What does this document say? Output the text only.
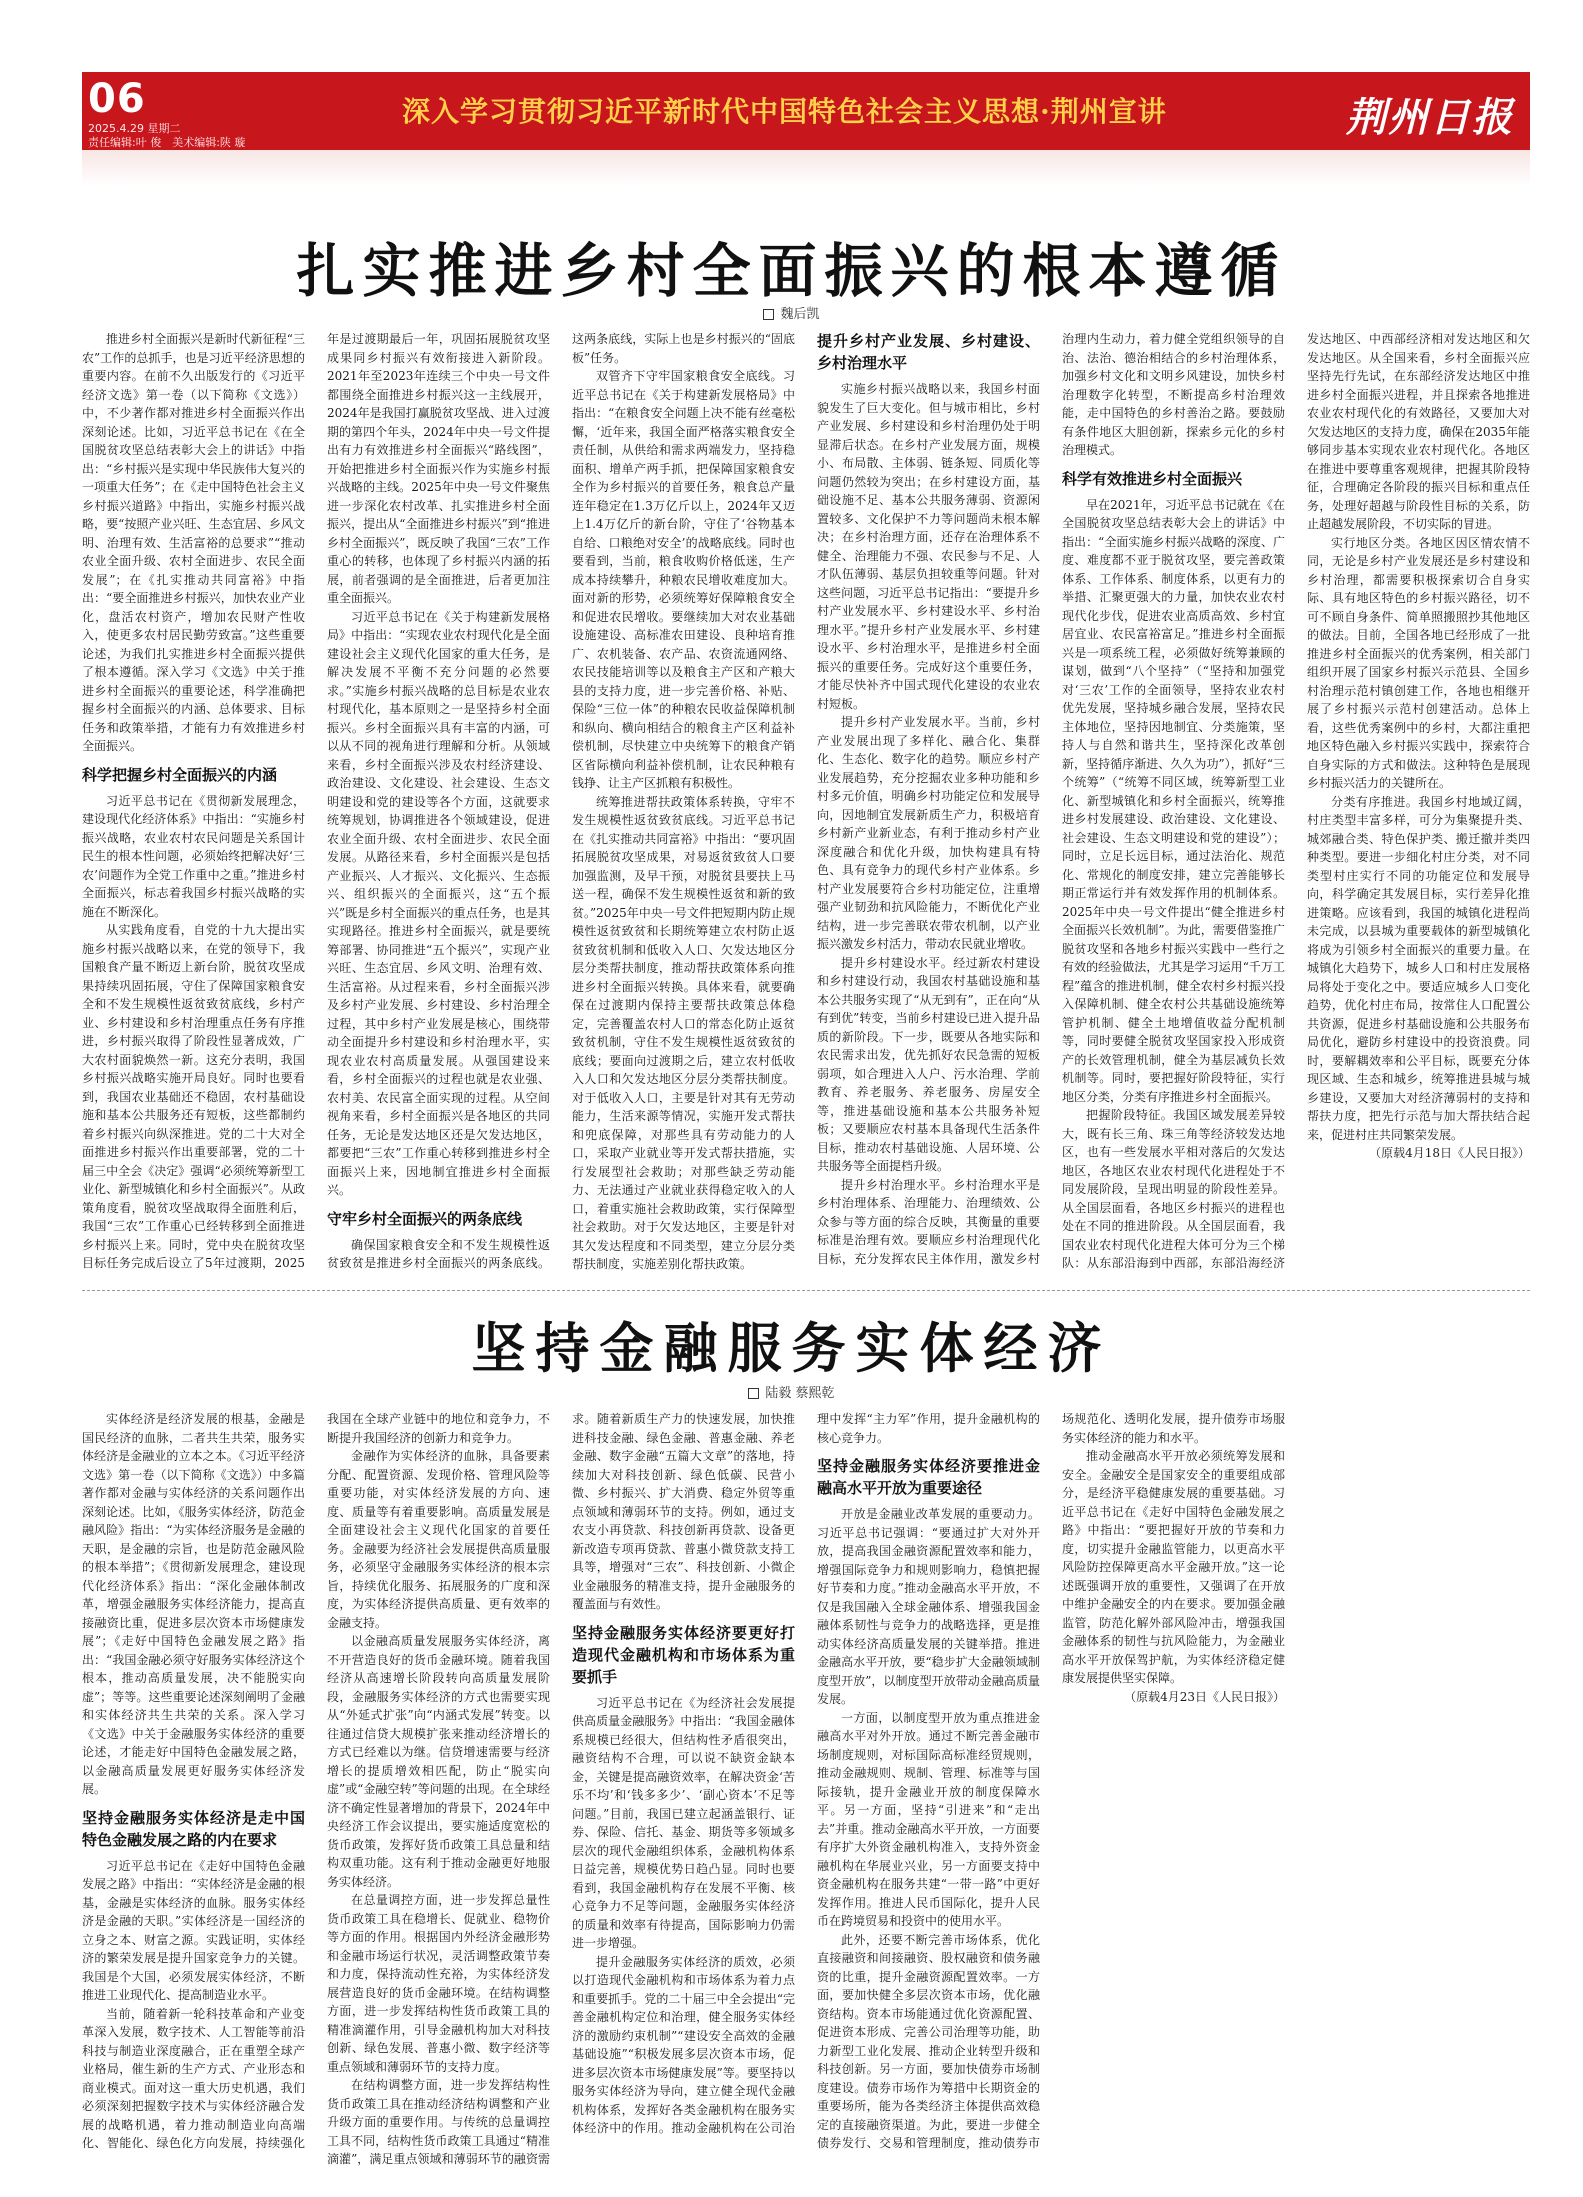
06
2025.4.29 星期二
责任编辑:叶 俊　美术编辑:陕 璇
深入学习贯彻习近平新时代中国特色社会主义思想·荆州宣讲	荆州日报
扎实推进乡村全面振兴的根本遵循
魏后凯

推进乡村全面振兴是新时代新征程“三农”工作的总抓手，也是习近平经济思想的重要内容。在前不久出版发行的《习近平经济文选》第一卷（以下简称《文选》）中，不少著作都对推进乡村全面振兴作出深刻论述。比如，习近平总书记在《在全国脱贫攻坚总结表彰大会上的讲话》中指出：“乡村振兴是实现中华民族伟大复兴的一项重大任务”；在《走中国特色社会主义乡村振兴道路》中指出，实施乡村振兴战略，要“按照产业兴旺、生态宜居、乡风文明、治理有效、生活富裕的总要求”“推动农业全面升级、农村全面进步、农民全面发展”；在《扎实推动共同富裕》中指出：“要全面推进乡村振兴，加快农业产业化，盘活农村资产，增加农民财产性收入，使更多农村居民勤劳致富。”这些重要论述，为我们扎实推进乡村全面振兴提供了根本遵循。深入学习《文选》中关于推进乡村全面振兴的重要论述，科学准确把握乡村全面振兴的内涵、总体要求、目标任务和政策举措，才能有力有效推进乡村全面振兴。

科学把握乡村全面振兴的内涵

习近平总书记在《贯彻新发展理念，建设现代化经济体系》中指出：“实施乡村振兴战略，农业农村农民问题是关系国计民生的根本性问题，必须始终把解决好‘三农’问题作为全党工作重中之重。”推进乡村全面振兴，标志着我国乡村振兴战略的实施在不断深化。

从实践角度看，自党的十九大提出实施乡村振兴战略以来，在党的领导下，我国粮食产量不断迈上新台阶，脱贫攻坚成果持续巩固拓展，守住了保障国家粮食安全和不发生规模性返贫致贫底线，乡村产业、乡村建设和乡村治理重点任务有序推进，乡村振兴取得了阶段性显著成效，广大农村面貌焕然一新。这充分表明，我国乡村振兴战略实施开局良好。同时也要看到，我国农业基础还不稳固，农村基础设施和基本公共服务还有短板，这些都制约着乡村振兴向纵深推进。党的二十大对全面推进乡村振兴作出重要部署，党的二十届三中全会《决定》强调“必须统筹新型工业化、新型城镇化和乡村全面振兴”。从政策角度看，脱贫攻坚战取得全面胜利后，我国“三农”工作重心已经转移到全面推进乡村振兴上来。同时，党中央在脱贫攻坚目标任务完成后设立了5年过渡期，2025年是过渡期最后一年，巩固拓展脱贫攻坚成果同乡村振兴有效衔接进入新阶段。2021年至2023年连续三个中央一号文件都围绕全面推进乡村振兴这一主线展开，2024年是我国打赢脱贫攻坚战、进入过渡期的第四个年头，2024年中央一号文件提出有力有效推进乡村全面振兴“路线图”，开始把推进乡村全面振兴作为实施乡村振兴战略的主线。2025年中央一号文件聚焦进一步深化农村改革、扎实推进乡村全面振兴，提出从“全面推进乡村振兴”到“推进乡村全面振兴”，既反映了我国“三农”工作重心的转移，也体现了乡村振兴内涵的拓展，前者强调的是全面推进，后者更加注重全面振兴。

习近平总书记在《关于构建新发展格局》中指出：“实现农业农村现代化是全面建设社会主义现代化国家的重大任务，是解决发展不平衡不充分问题的必然要求。”实施乡村振兴战略的总目标是农业农村现代化，基本原则之一是坚持乡村全面振兴。乡村全面振兴具有丰富的内涵，可以从不同的视角进行理解和分析。从领域来看，乡村全面振兴涉及农村经济建设、政治建设、文化建设、社会建设、生态文明建设和党的建设等各个方面，这就要求统筹规划，协调推进各个领域建设，促进农业全面升级、农村全面进步、农民全面发展。从路径来看，乡村全面振兴是包括产业振兴、人才振兴、文化振兴、生态振兴、组织振兴的全面振兴，这“五个振兴”既是乡村全面振兴的重点任务，也是其实现路径。推进乡村全面振兴，就是要统筹部署、协同推进“五个振兴”，实现产业兴旺、生态宜居、乡风文明、治理有效、生活富裕。从过程来看，乡村全面振兴涉及乡村产业发展、乡村建设、乡村治理全过程，其中乡村产业发展是核心，围绕带动全面提升乡村建设和乡村治理水平，实现农业农村高质量发展。从强国建设来看，乡村全面振兴的过程也就是农业强、农村美、农民富全面实现的过程。从空间视角来看，乡村全面振兴是各地区的共同任务，无论是发达地区还是欠发达地区，都要把“三农”工作重心转移到推进乡村全面振兴上来，因地制宜推进乡村全面振兴。

守牢乡村全面振兴的两条底线

确保国家粮食安全和不发生规模性返贫致贫是推进乡村全面振兴的两条底线。这两条底线，实际上也是乡村振兴的“固底板”任务。

双管齐下守牢国家粮食安全底线。习近平总书记在《关于构建新发展格局》中指出：“在粮食安全问题上决不能有丝毫松懈，‘近年来，我国全面严格落实粮食安全责任制，从供给和需求两端发力，坚持稳面积、增单产两手抓，把保障国家粮食安全作为乡村振兴的首要任务，粮食总产量连年稳定在1.3万亿斤以上，2024年又迈上1.4万亿斤的新台阶，守住了‘谷物基本自给、口粮绝对安全’的战略底线。同时也要看到，当前，粮食收购价格低迷，生产成本持续攀升，种粮农民增收难度加大。面对新的形势，必须统筹好保障粮食安全和促进农民增收。要继续加大对农业基础设施建设、高标准农田建设、良种培育推广、农机装备、农产品、农资流通网络、农民技能培训等以及粮食主产区和产粮大县的支持力度，进一步完善价格、补贴、保险“三位一体”的种粮农民收益保障机制和纵向、横向相结合的粮食主产区利益补偿机制，尽快建立中央统筹下的粮食产销区省际横向利益补偿机制，让农民种粮有钱挣、让主产区抓粮有积极性。

统筹推进帮扶政策体系转换，守牢不发生规模性返贫致贫底线。习近平总书记在《扎实推动共同富裕》中指出：“要巩固拓展脱贫攻坚成果，对易返贫致贫人口要加强监测，及早干预，对脱贫县要扶上马送一程，确保不发生规模性返贫和新的致贫。”2025年中央一号文件把短期内防止规模性返贫致贫和长期统筹建立农村防止返贫致贫机制和低收入人口、欠发达地区分层分类帮扶制度，推动帮扶政策体系向推进乡村全面振兴转换。具体来看，就要确保在过渡期内保持主要帮扶政策总体稳定，完善覆盖农村人口的常态化防止返贫致贫机制，守住不发生规模性返贫致贫的底线；要面向过渡期之后，建立农村低收入人口和欠发达地区分层分类帮扶制度。对于低收入人口，主要是针对其有无劳动能力，生活来源等情况，实施开发式帮扶和兜底保障，对那些具有劳动能力的人口，采取产业就业等开发式帮扶措施，实行发展型社会救助；对那些缺乏劳动能力、无法通过产业就业获得稳定收入的人口，着重实施社会救助政策，实行保障型社会救助。对于欠发达地区，主要是针对其欠发达程度和不同类型，建立分层分类帮扶制度，实施差别化帮扶政策。

提升乡村产业发展、乡村建设、乡村治理水平

实施乡村振兴战略以来，我国乡村面貌发生了巨大变化。但与城市相比，乡村产业发展、乡村建设和乡村治理仍处于明显滞后状态。在乡村产业发展方面，规模小、布局散、主体弱、链条短、同质化等问题仍然较为突出；在乡村建设方面，基础设施不足、基本公共服务薄弱、资源闲置较多、文化保护不力等问题尚未根本解决；在乡村治理方面，还存在治理体系不健全、治理能力不强、农民参与不足、人才队伍薄弱、基层负担较重等问题。针对这些问题，习近平总书记指出：“要提升乡村产业发展水平、乡村建设水平、乡村治理水平。”提升乡村产业发展水平、乡村建设水平、乡村治理水平，是推进乡村全面振兴的重要任务。完成好这个重要任务，才能尽快补齐中国式现代化建设的农业农村短板。

提升乡村产业发展水平。当前，乡村产业发展出现了多样化、融合化、集群化、生态化、数字化的趋势。顺应乡村产业发展趋势，充分挖掘农业多种功能和乡村多元价值，明确乡村功能定位和发展导向，因地制宜发展新质生产力，积极培育乡村新产业新业态，有利于推动乡村产业深度融合和优化升级，加快构建具有特色、具有竞争力的现代乡村产业体系。乡村产业发展要符合乡村功能定位，注重增强产业韧劲和抗风险能力，不断优化产业结构，进一步完善联农带农机制，以产业振兴激发乡村活力，带动农民就业增收。

提升乡村建设水平。经过新农村建设和乡村建设行动，我国农村基础设施和基本公共服务实现了“从无到有”，正在向“从有到优”转变，当前乡村建设已进入提升品质的新阶段。下一步，既要从各地实际和农民需求出发，优先抓好农民急需的短板弱项，如合理进入人户、污水治理、学前教育、养老服务、养老服务、房屋安全等，推进基础设施和基本公共服务补短板；又要顺应农村基本具备现代生活条件目标，推动农村基础设施、人居环境、公共服务等全面提档升级。

提升乡村治理水平。乡村治理水平是乡村治理体系、治理能力、治理绩效、公众参与等方面的综合反映，其衡量的重要标准是治理有效。要顺应乡村治理现代化目标，充分发挥农民主体作用，激发乡村治理内生动力，着力健全党组织领导的自治、法治、德治相结合的乡村治理体系，加强乡村文化和文明乡风建设，加快乡村治理数字化转型，不断提高乡村治理效能，走中国特色的乡村善治之路。要鼓励有条件地区大胆创新，探索乡元化的乡村治理模式。

科学有效推进乡村全面振兴

早在2021年，习近平总书记就在《在全国脱贫攻坚总结表彰大会上的讲话》中指出：“全面实施乡村振兴战略的深度、广度、难度都不亚于脱贫攻坚，要完善政策体系、工作体系、制度体系，以更有力的举措、汇聚更强大的力量，加快农业农村现代化步伐，促进农业高质高效、乡村宜居宜业、农民富裕富足。”推进乡村全面振兴是一项系统工程，必须做好统筹兼顾的谋划，做到“八个坚持”（“坚持和加强党对‘三农’工作的全面领导，坚持农业农村优先发展，坚持城乡融合发展，坚持农民主体地位，坚持因地制宜、分类施策，坚持人与自然和谐共生，坚持深化改革创新，坚持循序渐进、久久为功”），抓好“三个统筹”（“统筹不同区域，统筹新型工业化、新型城镇化和乡村全面振兴，统筹推进乡村发展建设、政治建设、文化建设、社会建设、生态文明建设和党的建设”）；同时，立足长远目标，通过法治化、规范化、常规化的制度安排，建立完善能够长期正常运行并有效发挥作用的机制体系。2025年中央一号文件提出“健全推进乡村全面振兴长效机制”。为此，需要借鉴推广脱贫攻坚和各地乡村振兴实践中一些行之有效的经验做法，尤其是学习运用“千万工程”蕴含的推进机制，健全农村乡村振兴投入保障机制、健全农村公共基础设施统筹管护机制、健全土地增值收益分配机制等，同时要健全脱贫攻坚国家投入形成资产的长效管理机制，健全为基层减负长效机制等。同时，要把握好阶段特征，实行地区分类，分类有序推进乡村全面振兴。

把握阶段特征。我国区域发展差异较大，既有长三角、珠三角等经济较发达地区，也有一些发展水平相对落后的欠发达地区，各地区农业农村现代化进程处于不同发展阶段，呈现出明显的阶段性差异。从全国层面看，各地区乡村振兴的进程也处在不同的推进阶段。从全国层面看，我国农业农村现代化进程大体可分为三个梯队：从东部沿海到中西部，东部沿海经济发达地区、中西部经济相对发达地区和欠发达地区。从全国来看，乡村全面振兴应坚持先行先试，在东部经济发达地区中推进乡村全面振兴进程，并且探索各地推进农业农村现代化的有效路径，又要加大对欠发达地区的支持力度，确保在2035年能够同步基本实现农业农村现代化。各地区在推进中要尊重客观规律，把握其阶段特征，合理确定各阶段的振兴目标和重点任务，处理好超越与阶段性目标的关系，防止超越发展阶段，不切实际的冒进。

实行地区分类。各地区因区情农情不同，无论是乡村产业发展还是乡村建设和乡村治理，都需要积极探索切合自身实际、具有地区特色的乡村振兴路径，切不可不顾自身条件、简单照搬照抄其他地区的做法。目前，全国各地已经形成了一批推进乡村全面振兴的优秀案例，相关部门组织开展了国家乡村振兴示范县、全国乡村治理示范村镇创建工作，各地也相继开展了乡村振兴示范村创建活动。总体上看，这些优秀案例中的乡村，大都注重把地区特色融入乡村振兴实践中，探索符合自身实际的方式和做法。这种特色是展现乡村振兴活力的关键所在。

分类有序推进。我国乡村地域辽阔，村庄类型丰富多样，可分为集聚提升类、城郊融合类、特色保护类、搬迁撤并类四种类型。要进一步细化村庄分类，对不同类型村庄实行不同的功能定位和发展导向，科学确定其发展目标，实行差异化推进策略。应该看到，我国的城镇化进程尚未完成，以县城为重要载体的新型城镇化将成为引领乡村全面振兴的重要力量。在城镇化大趋势下，城乡人口和村庄发展格局将处于变化之中。要适应城乡人口变化趋势，优化村庄布局，按常住人口配置公共资源，促进乡村基础设施和公共服务布局优化，避防乡村建设中的投资浪费。同时，要解耦效率和公平目标，既要充分体现区域、生态和城乡，统筹推进县城与城乡建设，又要加大对经济薄弱村的支持和帮扶力度，把先行示范与加大帮扶结合起来，促进村庄共同繁荣发展。

（原载4月18日《人民日报》）

坚持金融服务实体经济
陆毅 蔡熙乾

实体经济是经济发展的根基，金融是国民经济的血脉，二者共生共荣，服务实体经济是金融业的立本之本。《习近平经济文选》第一卷（以下简称《文选》）中多篇著作都对金融与实体经济的关系问题作出深刻论述。比如，《服务实体经济，防范金融风险》指出：“为实体经济服务是金融的天职，是金融的宗旨，也是防范金融风险的根本举措”；《贯彻新发展理念，建设现代化经济体系》指出：“深化金融体制改革，增强金融服务实体经济能力，提高直接融资比重，促进多层次资本市场健康发展”；《走好中国特色金融发展之路》指出：“我国金融必须守好服务实体经济这个根本，推动高质量发展，决不能脱实向虚”；等等。这些重要论述深刻阐明了金融和实体经济共生共荣的关系。深入学习《文选》中关于金融服务实体经济的重要论述，才能走好中国特色金融发展之路，以金融高质量发展更好服务实体经济发展。

坚持金融服务实体经济是走中国特色金融发展之路的内在要求

习近平总书记在《走好中国特色金融发展之路》中指出：“实体经济是金融的根基，金融是实体经济的血脉。服务实体经济是金融的天职。”实体经济是一国经济的立身之本、财富之源。实践证明，实体经济的繁荣发展是提升国家竞争力的关键。我国是个大国，必须发展实体经济，不断推进工业现代化、提高制造业水平。

当前，随着新一轮科技革命和产业变革深入发展，数字技术、人工智能等前沿科技与制造业深度融合，正在重塑全球产业格局，催生新的生产方式、产业形态和商业模式。面对这一重大历史机遇，我们必须深刻把握数字技术与实体经济融合发展的战略机遇，着力推动制造业向高端化、智能化、绿色化方向发展，持续强化我国在全球产业链中的地位和竞争力，不断提升我国经济的创新力和竞争力。

金融作为实体经济的血脉，具备要素分配、配置资源、发现价格、管理风险等重要功能，对实体经济发展的方向、速度、质量等有着重要影响。高质量发展是全面建设社会主义现代化国家的首要任务。金融要为经济社会发展提供高质量服务，必须坚守金融服务实体经济的根本宗旨，持续优化服务、拓展服务的广度和深度，为实体经济提供高质量、更有效率的金融支持。

以金融高质量发展服务实体经济，离不开营造良好的货币金融环境。随着我国经济从高速增长阶段转向高质量发展阶段，金融服务实体经济的方式也需要实现从“外延式扩张”向“内涵式发展”转变。以往通过信贷大规模扩张来推动经济增长的方式已经难以为继。信贷增速需要与经济增长的提质增效相匹配，防止“脱实向虚”或“金融空转”等问题的出现。在全球经济不确定性显著增加的背景下，2024年中央经济工作会议提出，要实施适度宽松的货币政策，发挥好货币政策工具总量和结构双重功能。这有利于推动金融更好地服务实体经济。

在总量调控方面，进一步发挥总量性货币政策工具在稳增长、促就业、稳物价等方面的作用。根据国内外经济金融形势和金融市场运行状况，灵活调整政策节奏和力度，保持流动性充裕，为实体经济发展营造良好的货币金融环境。在结构调整方面，进一步发挥结构性货币政策工具的精准滴灌作用，引导金融机构加大对科技创新、绿色发展、普惠小微、数字经济等重点领域和薄弱环节的支持力度。

在结构调整方面，进一步发挥结构性货币政策工具在推动经济结构调整和产业升级方面的重要作用。与传统的总量调控工具不同，结构性货币政策工具通过“精准滴灌”，满足重点领域和薄弱环节的融资需求。随着新质生产力的快速发展，加快推进科技金融、绿色金融、普惠金融、养老金融、数字金融“五篇大文章”的落地，持续加大对科技创新、绿色低碳、民营小微、乡村振兴、扩大消费、稳定外贸等重点领域和薄弱环节的支持。例如，通过支农支小再贷款、科技创新再贷款、设备更新改造专项再贷款、普惠小微贷款支持工具等，增强对“三农”、科技创新、小微企业金融服务的精准支持，提升金融服务的覆盖面与有效性。

坚持金融服务实体经济要更好打造现代金融机构和市场体系为重要抓手

习近平总书记在《为经济社会发展提供高质量金融服务》中指出：“我国金融体系规模已经很大，但结构性矛盾很突出，融资结构不合理，可以说不缺资金缺本金，关键是提高融资效率，在解决资金‘苦乐不均’和‘钱多多少’、‘副心资本’不足等问题。”目前，我国已建立起涵盖银行、证券、保险、信托、基金、期货等多领域多层次的现代金融组织体系，金融机构体系日益完善，规模优势日趋凸显。同时也要看到，我国金融机构存在发展不平衡、核心竞争力不足等问题，金融服务实体经济的质量和效率有待提高，国际影响力仍需进一步增强。

提升金融服务实体经济的质效，必须以打造现代金融机构和市场体系为着力点和重要抓手。党的二十届三中全会提出“完善金融机构定位和治理，健全服务实体经济的激励约束机制”“建设安全高效的金融基础设施”“积极发展多层次资本市场，促进多层次资本市场健康发展”等。要坚持以服务实体经济为导向，建立健全现代金融机构体系，发挥好各类金融机构在服务实体经济中的作用。推动金融机构在公司治理中发挥“主力军”作用，提升金融机构的核心竞争力。

坚持金融服务实体经济要推进金融高水平开放为重要途径

开放是金融业改革发展的重要动力。习近平总书记强调：“要通过扩大对外开放，提高我国金融资源配置效率和能力，增强国际竞争力和规则影响力，稳慎把握好节奏和力度。”推动金融高水平开放，不仅是我国融入全球金融体系、增强我国金融体系韧性与竞争力的战略选择，更是推动实体经济高质量发展的关键举措。推进金融高水平开放，要“稳步扩大金融领域制度型开放”，以制度型开放带动金融高质量发展。

一方面，以制度型开放为重点推进金融高水平对外开放。通过不断完善金融市场制度规则，对标国际高标准经贸规则，推动金融规则、规制、管理、标准等与国际接轨，提升金融业开放的制度保障水平。另一方面，坚持“引进来”和“走出去”并重。推动金融高水平开放，一方面要有序扩大外资金融机构准入，支持外资金融机构在华展业兴业，另一方面要支持中资金融机构在服务共建“一带一路”中更好发挥作用。推进人民币国际化，提升人民币在跨境贸易和投资中的使用水平。

此外，还要不断完善市场体系，优化直接融资和间接融资、股权融资和债务融资的比重，提升金融资源配置效率。一方面，要加快健全多层次资本市场，优化融资结构。资本市场能通过优化资源配置、促进资本形成、完善公司治理等功能，助力新型工业化发展、推动企业转型升级和科技创新。另一方面，要加快债券市场制度建设。债券市场作为筹措中长期资金的重要场所，能为各类经济主体提供高效稳定的直接融资渠道。为此，要进一步健全债券发行、交易和管理制度，推动债券市场规范化、透明化发展，提升债券市场服务实体经济的能力和水平。

推动金融高水平开放必须统筹发展和安全。金融安全是国家安全的重要组成部分，是经济平稳健康发展的重要基础。习近平总书记在《走好中国特色金融发展之路》中指出：“要把握好开放的节奏和力度，切实提升金融监管能力，以更高水平风险防控保障更高水平金融开放。”这一论述既强调开放的重要性，又强调了在开放中维护金融安全的内在要求。要加强金融监管，防范化解外部风险冲击，增强我国金融体系的韧性与抗风险能力，为金融业高水平开放保驾护航，为实体经济稳定健康发展提供坚实保障。

（原载4月23日《人民日报》）
